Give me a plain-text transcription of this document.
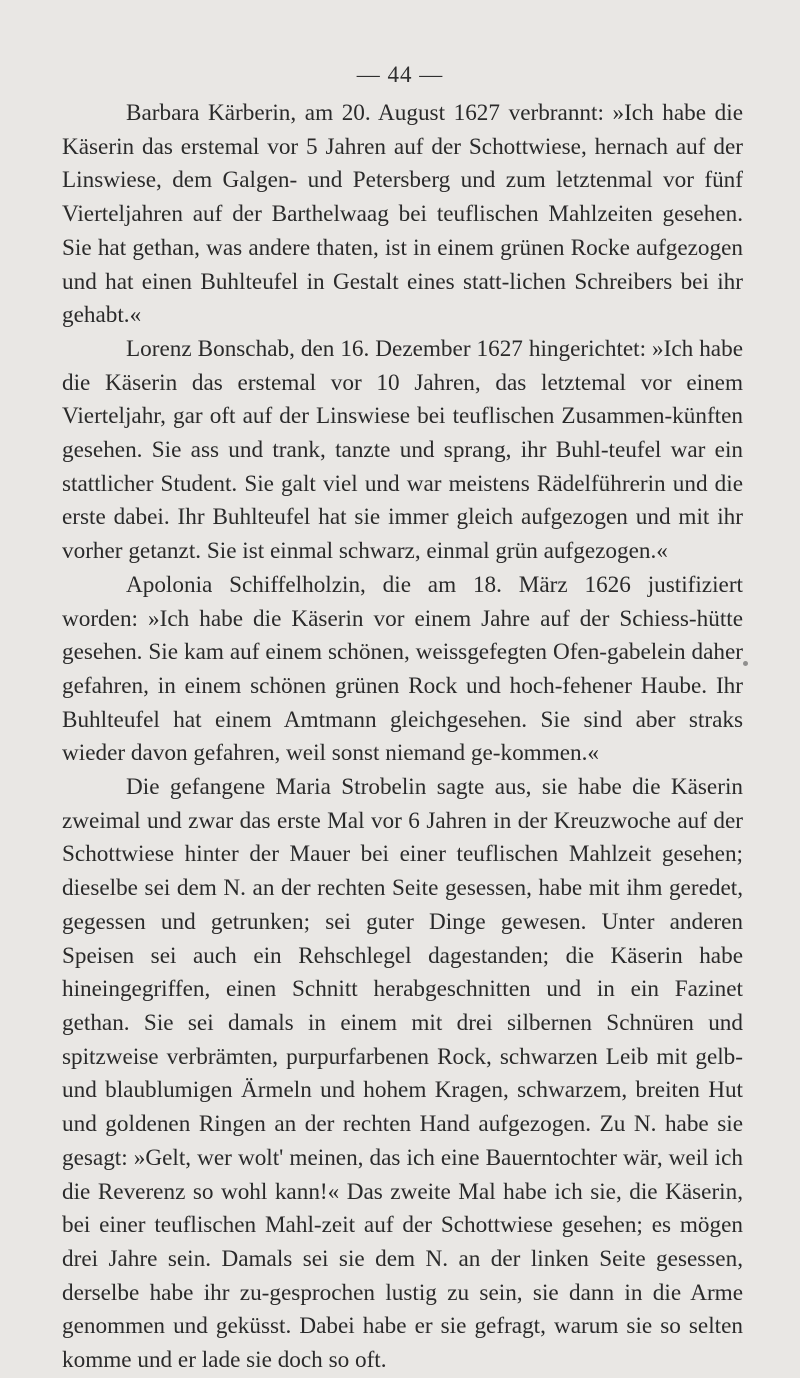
— 44 —

Barbara Kärberin, am 20. August 1627 verbrannt: »Ich habe die Käserin das erstemal vor 5 Jahren auf der Schottwiese, hernach auf der Linswiese, dem Galgen- und Petersberg und zum letztenmal vor fünf Vierteljahren auf der Barthelwaag bei teuflischen Mahlzeiten gesehen. Sie hat gethan, was andere thaten, ist in einem grünen Rocke aufgezogen und hat einen Buhlteufel in Gestalt eines statt-lichen Schreibers bei ihr gehabt.«

Lorenz Bonschab, den 16. Dezember 1627 hingerichtet: »Ich habe die Käserin das erstemal vor 10 Jahren, das letztemal vor einem Vierteljahr, gar oft auf der Linswiese bei teuflischen Zusammen-künften gesehen. Sie ass und trank, tanzte und sprang, ihr Buhl-teufel war ein stattlicher Student. Sie galt viel und war meistens Rädelführerin und die erste dabei. Ihr Buhlteufel hat sie immer gleich aufgezogen und mit ihr vorher getanzt. Sie ist einmal schwarz, einmal grün aufgezogen.«

Apolonia Schiffelholzin, die am 18. März 1626 justifiziert worden: »Ich habe die Käserin vor einem Jahre auf der Schiess-hütte gesehen. Sie kam auf einem schönen, weissgefegten Ofen-gabelein daher gefahren, in einem schönen grünen Rock und hoch-fehener Haube. Ihr Buhlteufel hat einem Amtmann gleichgesehen. Sie sind aber straks wieder davon gefahren, weil sonst niemand ge-kommen.«

Die gefangene Maria Strobelin sagte aus, sie habe die Käserin zweimal und zwar das erste Mal vor 6 Jahren in der Kreuzwoche auf der Schottwiese hinter der Mauer bei einer teuflischen Mahlzeit gesehen; dieselbe sei dem N. an der rechten Seite gesessen, habe mit ihm geredet, gegessen und getrunken; sei guter Dinge gewesen. Unter anderen Speisen sei auch ein Rehschlegel dagestanden; die Käserin habe hineingegriffen, einen Schnitt herabgeschnitten und in ein Fazinet gethan. Sie sei damals in einem mit drei silbernen Schnüren und spitzweise verbrämten, purpurfarbenen Rock, schwarzen Leib mit gelb- und blaublumigen Ärmeln und hohem Kragen, schwarzem, breiten Hut und goldenen Ringen an der rechten Hand aufgezogen. Zu N. habe sie gesagt: »Gelt, wer wolt' meinen, das ich eine Bauerntochter wär, weil ich die Reverenz so wohl kann!« Das zweite Mal habe ich sie, die Käserin, bei einer teuflischen Mahl-zeit auf der Schottwiese gesehen; es mögen drei Jahre sein. Damals sei sie dem N. an der linken Seite gesessen, derselbe habe ihr zu-gesprochen lustig zu sein, sie dann in die Arme genommen und geküsst. Dabei habe er sie gefragt, warum sie so selten komme und er lade sie doch so oft.
